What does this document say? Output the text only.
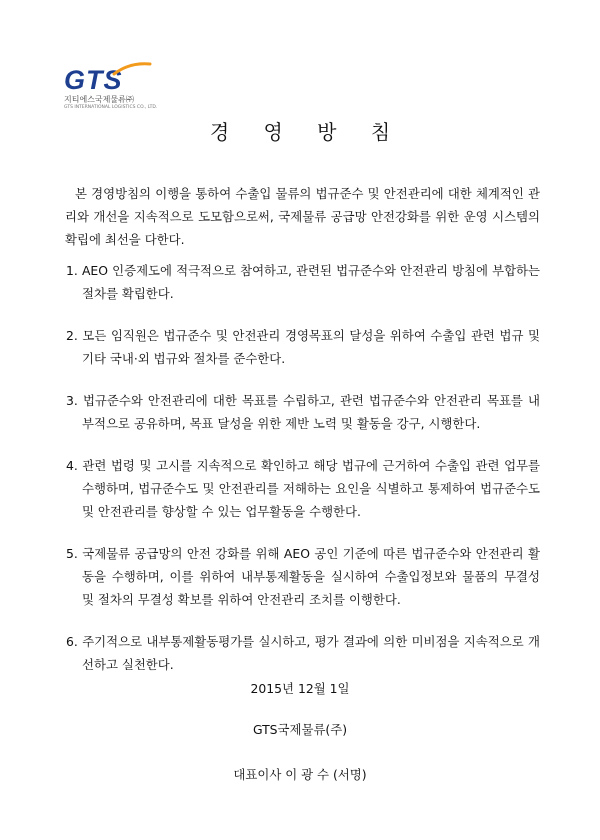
GTS
지티에스국제물류㈜
GTS INTERNATIONAL LOGISTICS CO., LTD.
경 영 방 침

본 경영방침의 이행을 통하여 수출입 물류의 법규준수 및 안전관리에 대한 체계적인 관리와 개선을 지속적으로 도모함으로써, 국제물류 공급망 안전강화를 위한 운영 시스템의 확립에 최선을 다한다.

1. AEO 인증제도에 적극적으로 참여하고, 관련된 법규준수와 안전관리 방침에 부합하는 절차를 확립한다.
2. 모든 임직원은 법규준수 및 안전관리 경영목표의 달성을 위하여 수출입 관련 법규 및 기타 국내·외 법규와 절차를 준수한다.
3. 법규준수와 안전관리에 대한 목표를 수립하고, 관련 법규준수와 안전관리 목표를 내부적으로 공유하며, 목표 달성을 위한 제반 노력 및 활동을 강구, 시행한다.
4. 관련 법령 및 고시를 지속적으로 확인하고 해당 법규에 근거하여 수출입 관련 업무를 수행하며, 법규준수도 및 안전관리를 저해하는 요인을 식별하고 통제하여 법규준수도 및 안전관리를 향상할 수 있는 업무활동을 수행한다.
5. 국제물류 공급망의 안전 강화를 위해 AEO 공인 기준에 따른 법규준수와 안전관리 활동을 수행하며, 이를 위하여 내부통제활동을 실시하여 수출입정보와 물품의 무결성 및 절차의 무결성 확보를 위하여 안전관리 조치를 이행한다.
6. 주기적으로 내부통제활동평가를 실시하고, 평가 결과에 의한 미비점을 지속적으로 개선하고 실천한다.
2015년 12월 1일
GTS국제물류(주)
대표이사 이 광 수 (서명)
